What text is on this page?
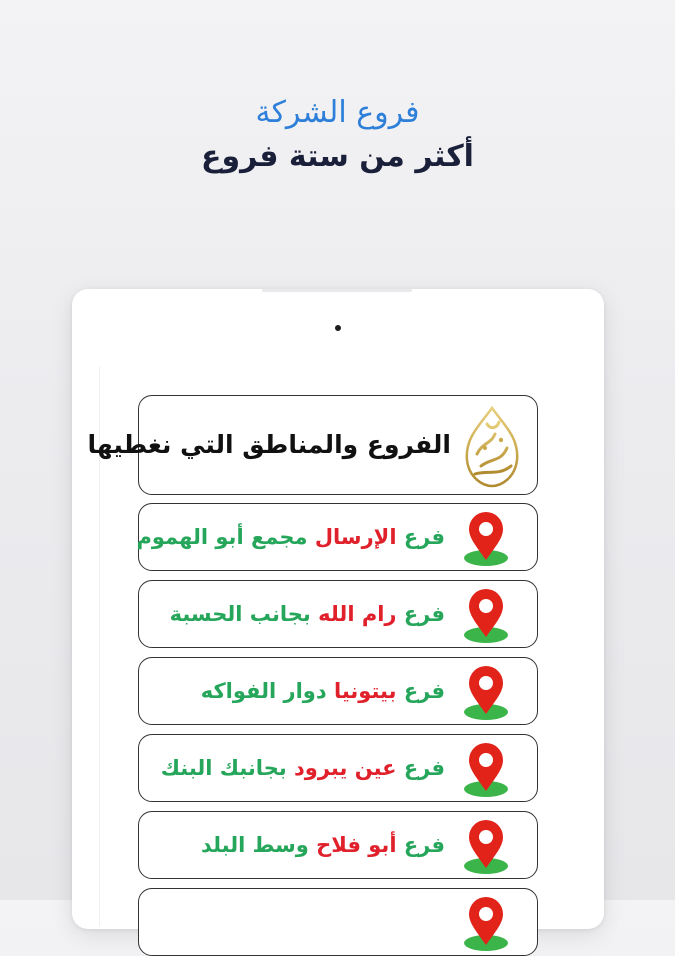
فروع الشركة
أكثر من ستة فروع
الفروع والمناطق التي نغطيها
فرع الإرسال مجمع أبو الهموم
فرع رام الله بجانب الحسبة
فرع بيتونيا دوار الفواكه
فرع عين يبرود بجانبك البنك
فرع أبو فلاح وسط البلد
